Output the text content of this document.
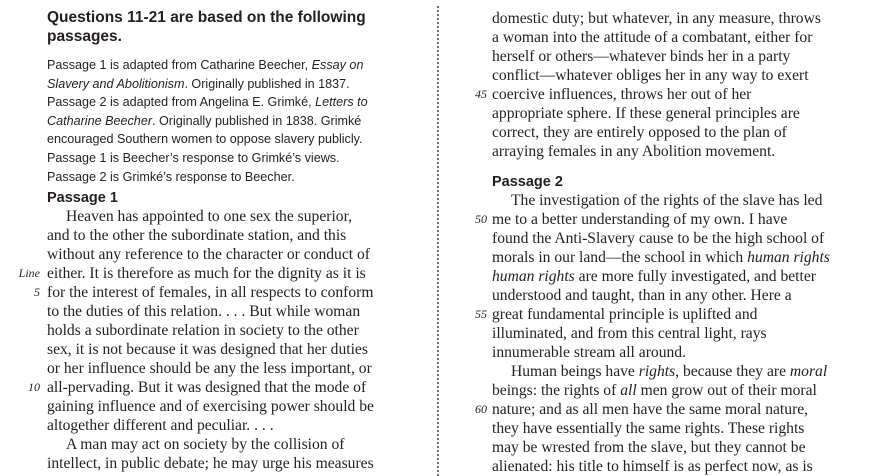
Questions 11-21 are based on the following passages.
Passage 1 is adapted from Catharine Beecher, Essay on
Slavery and Abolitionism. Originally published in 1837.
Passage 2 is adapted from Angelina E. Grimké, Letters to
Catharine Beecher. Originally published in 1838. Grimké
encouraged Southern women to oppose slavery publicly.
Passage 1 is Beecher’s response to Grimké’s views.
Passage 2 is Grimké’s response to Beecher.
Passage 1
Heaven has appointed to one sex the superior,
and to the other the subordinate station, and this
without any reference to the character or conduct of
Line either. It is therefore as much for the dignity as it is
5 for the interest of females, in all respects to conform
to the duties of this relation. . . . But while woman
holds a subordinate relation in society to the other
sex, it is not because it was designed that her duties
or her influence should be any the less important, or
10 all-pervading. But it was designed that the mode of
gaining influence and of exercising power should be
altogether different and peculiar. . . .
A man may act on society by the collision of
intellect, in public debate; he may urge his measures
domestic duty; but whatever, in any measure, throws
a woman into the attitude of a combatant, either for
herself or others—whatever binds her in a party
conflict—whatever obliges her in any way to exert
45 coercive influences, throws her out of her
appropriate sphere. If these general principles are
correct, they are entirely opposed to the plan of
arraying females in any Abolition movement.
Passage 2
The investigation of the rights of the slave has led
50 me to a better understanding of my own. I have
found the Anti-Slavery cause to be the high school of
morals in our land—the school in which human rights
human rights are more fully investigated, and better
understood and taught, than in any other. Here a
55 great fundamental principle is uplifted and
illuminated, and from this central light, rays
innumerable stream all around.
Human beings have rights, because they are moral
beings: the rights of all men grow out of their moral
60 nature; and as all men have the same moral nature,
they have essentially the same rights. These rights
may be wrested from the slave, but they cannot be
alienated: his title to himself is as perfect now, as is
